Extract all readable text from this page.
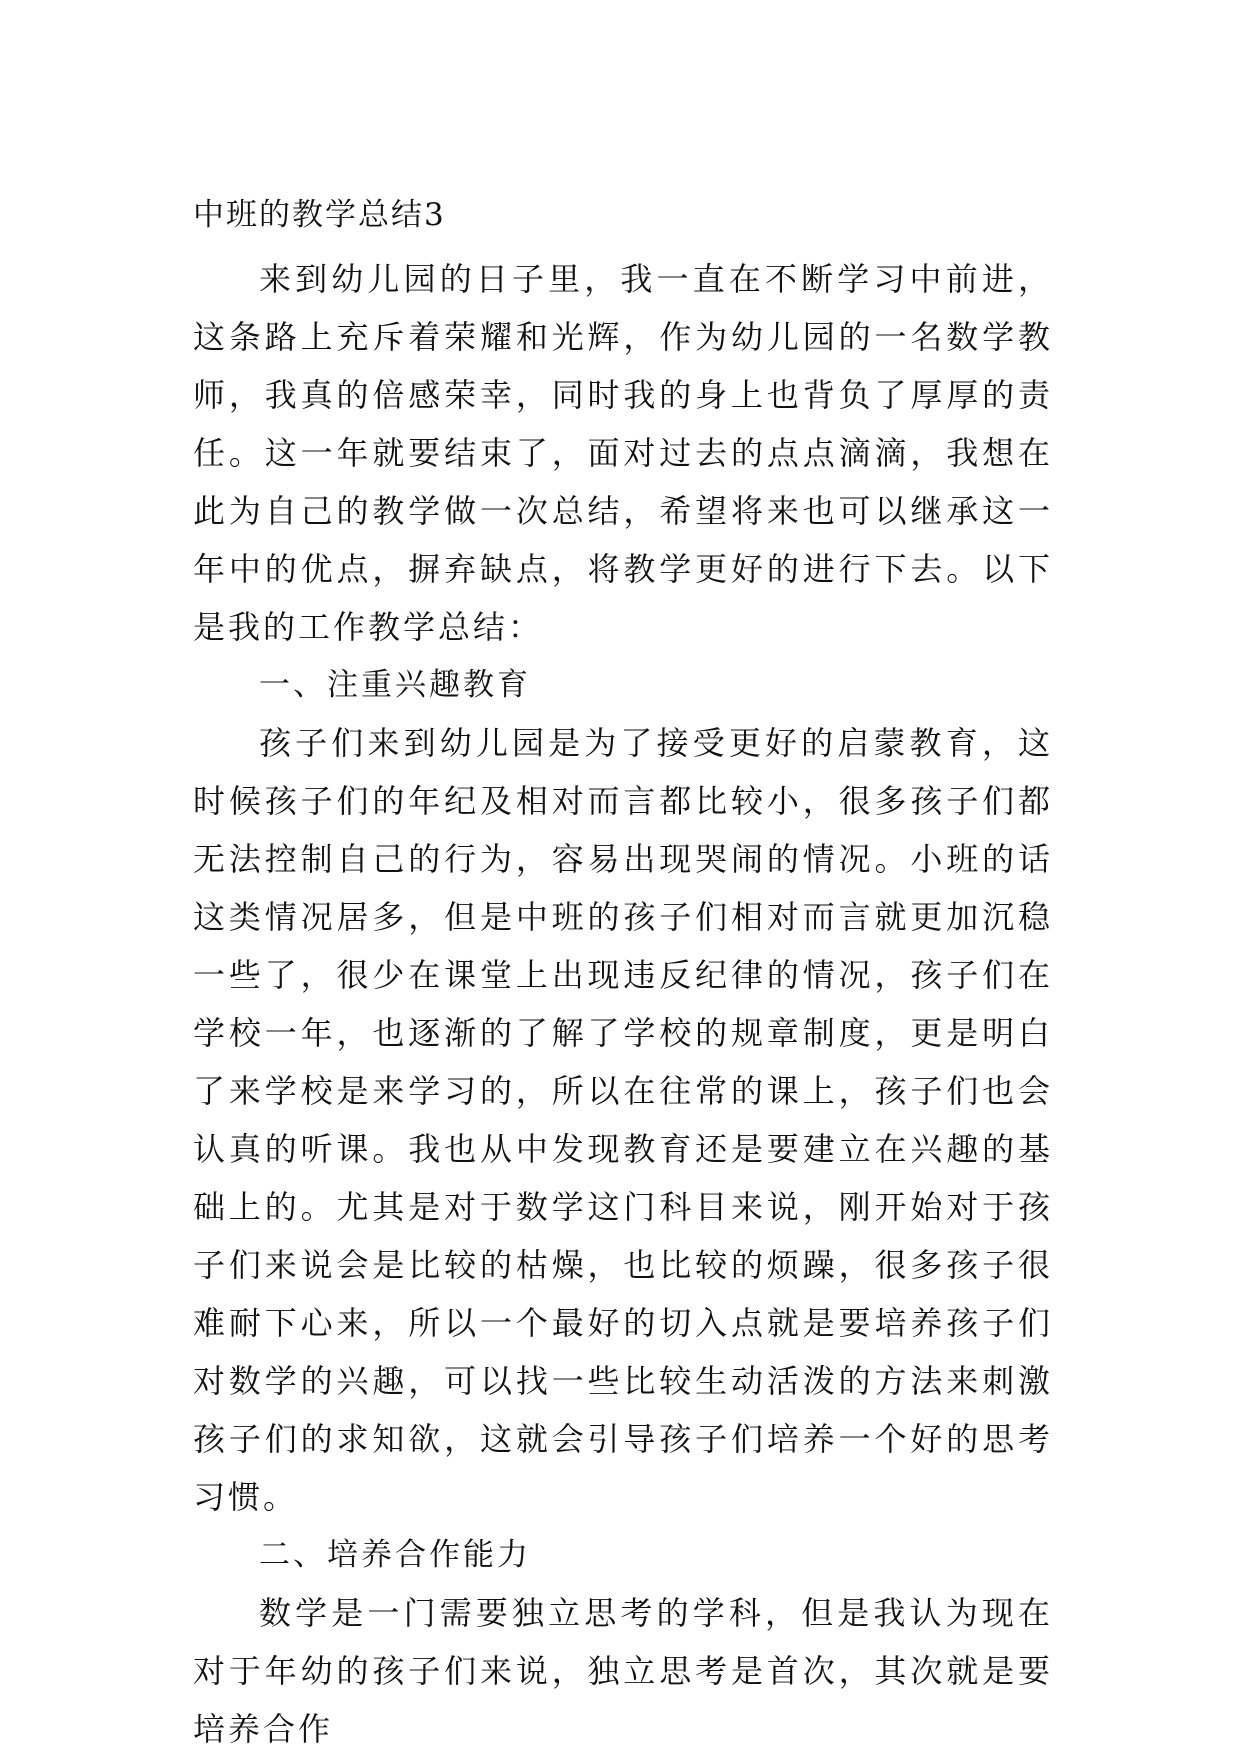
中班的教学总结3

来到幼儿园的日子里，我一直在不断学习中前进，这条路上充斥着荣耀和光辉，作为幼儿园的一名数学教师，我真的倍感荣幸，同时我的身上也背负了厚厚的责任。这一年就要结束了，面对过去的点点滴滴，我想在此为自己的教学做一次总结，希望将来也可以继承这一年中的优点，摒弃缺点，将教学更好的进行下去。以下是我的工作教学总结：

一、注重兴趣教育

孩子们来到幼儿园是为了接受更好的启蒙教育，这时候孩子们的年纪及相对而言都比较小，很多孩子们都无法控制自己的行为，容易出现哭闹的情况。小班的话这类情况居多，但是中班的孩子们相对而言就更加沉稳一些了，很少在课堂上出现违反纪律的情况，孩子们在学校一年，也逐渐的了解了学校的规章制度，更是明白了来学校是来学习的，所以在往常的课上，孩子们也会认真的听课。我也从中发现教育还是要建立在兴趣的基础上的。尤其是对于数学这门科目来说，刚开始对于孩子们来说会是比较的枯燥，也比较的烦躁，很多孩子很难耐下心来，所以一个最好的切入点就是要培养孩子们对数学的兴趣，可以找一些比较生动活泼的方法来刺激孩子们的求知欲，这就会引导孩子们培养一个好的思考习惯。

二、培养合作能力

数学是一门需要独立思考的学科，但是我认为现在对于年幼的孩子们来说，独立思考是首次，其次就是要培养合作
